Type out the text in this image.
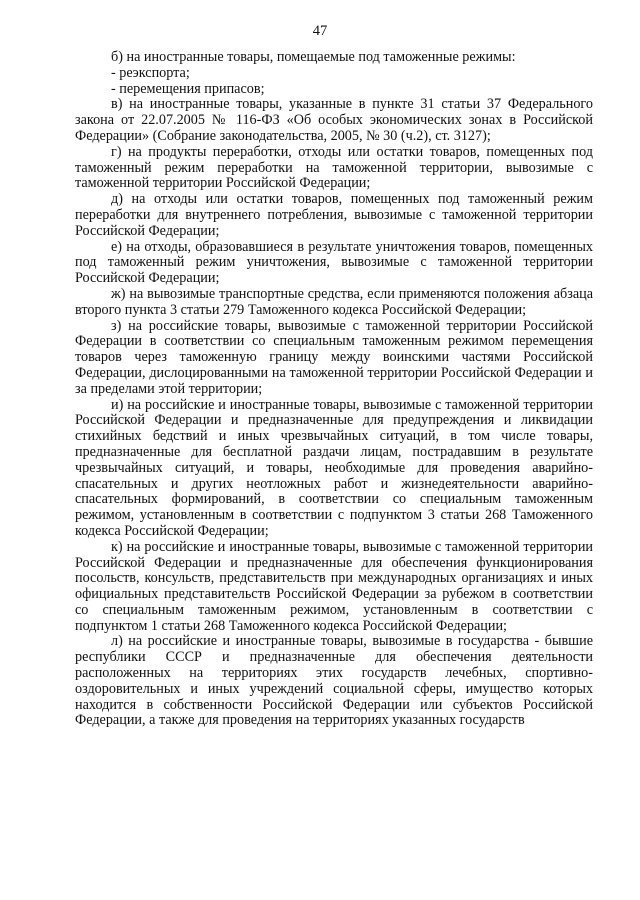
47

б) на иностранные товары, помещаемые под таможенные режимы:

- реэкспорта;

- перемещения припасов;

в) на иностранные товары, указанные в пункте 31 статьи 37 Федерального закона от 22.07.2005 № 116-ФЗ «Об особых экономических зонах в Российской Федерации» (Собрание законодательства, 2005, № 30 (ч.2), ст. 3127);

г) на продукты переработки, отходы или остатки товаров, помещенных под таможенный режим переработки на таможенной территории, вывозимые с таможенной территории Российской Федерации;

д) на отходы или остатки товаров, помещенных под таможенный режим переработки для внутреннего потребления, вывозимые с таможенной территории Российской Федерации;

е) на отходы, образовавшиеся в результате уничтожения товаров, помещенных под таможенный режим уничтожения, вывозимые с таможенной территории Российской Федерации;

ж) на вывозимые транспортные средства, если применяются положения абзаца второго пункта 3 статьи 279 Таможенного кодекса Российской Федерации;

з) на российские товары, вывозимые с таможенной территории Российской Федерации в соответствии со специальным таможенным режимом перемещения товаров через таможенную границу между воинскими частями Российской Федерации, дислоцированными на таможенной территории Российской Федерации и за пределами этой территории;

и) на российские и иностранные товары, вывозимые с таможенной территории Российской Федерации и предназначенные для предупреждения и ликвидации стихийных бедствий и иных чрезвычайных ситуаций, в том числе товары, предназначенные для бесплатной раздачи лицам, пострадавшим в результате чрезвычайных ситуаций, и товары, необходимые для проведения аварийно-спасательных и других неотложных работ и жизнедеятельности аварийно-спасательных формирований, в соответствии со специальным таможенным режимом, установленным в соответствии с подпунктом 3 статьи 268 Таможенного кодекса Российской Федерации;

к) на российские и иностранные товары, вывозимые с таможенной территории Российской Федерации и предназначенные для обеспечения функционирования посольств, консульств, представительств при международных организациях и иных официальных представительств Российской Федерации за рубежом в соответствии со специальным таможенным режимом, установленным в соответствии с подпунктом 1 статьи 268 Таможенного кодекса Российской Федерации;

л) на российские и иностранные товары, вывозимые в государства - бывшие республики СССР и предназначенные для обеспечения деятельности расположенных на территориях этих государств лечебных, спортивно-оздоровительных и иных учреждений социальной сферы, имущество которых находится в собственности Российской Федерации или субъектов Российской Федерации, а также для проведения на территориях указанных государств
